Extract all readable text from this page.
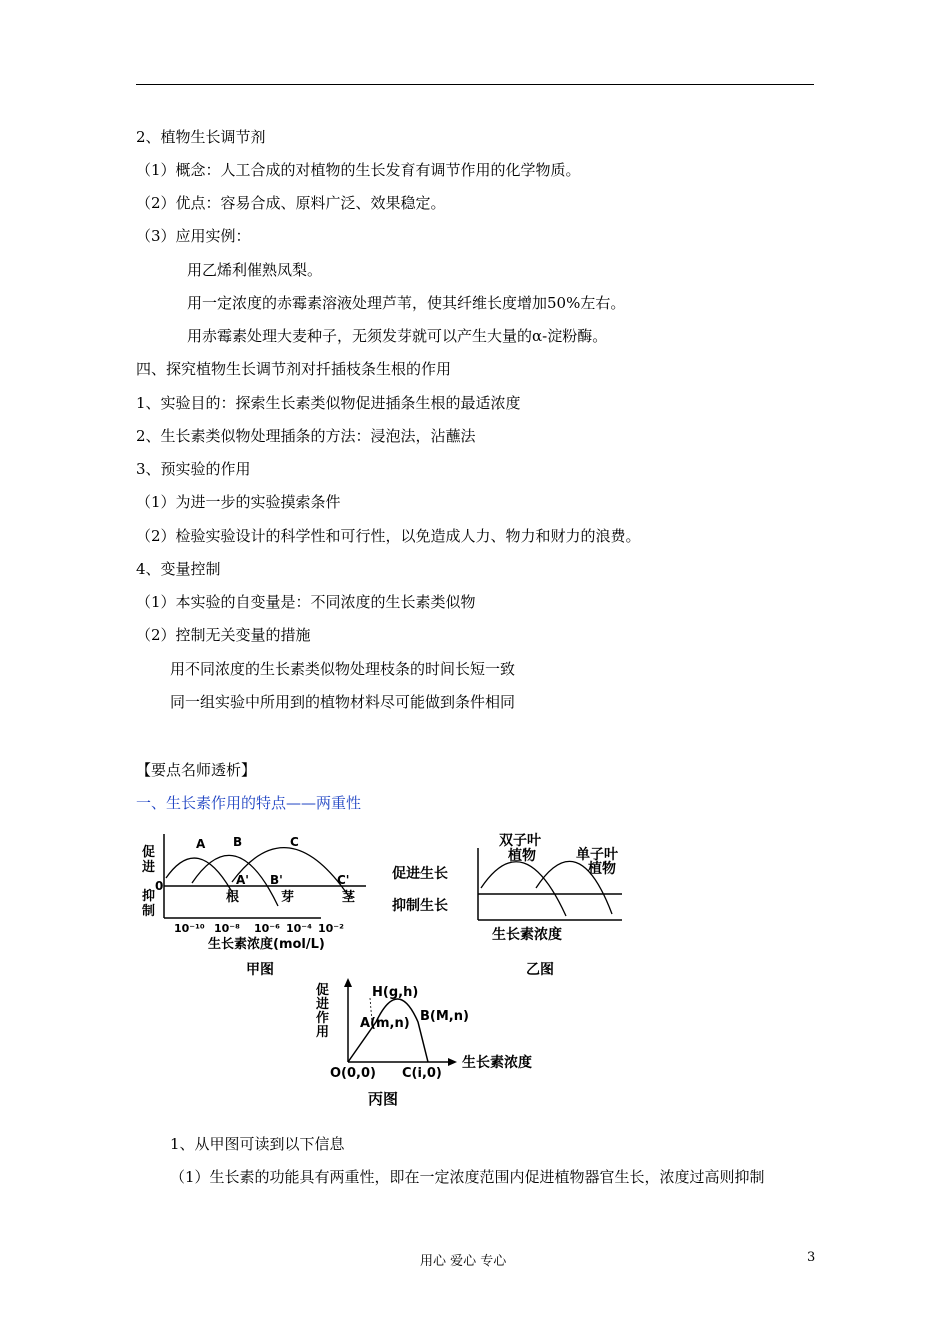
2、植物生长调节剂
（1）概念：人工合成的对植物的生长发育有调节作用的化学物质。
（2）优点：容易合成、原料广泛、效果稳定。
（3）应用实例：
用乙烯利催熟凤梨。
用一定浓度的赤霉素溶液处理芦苇，使其纤维长度增加50%左右。
用赤霉素处理大麦种子，无须发芽就可以产生大量的α-淀粉酶。
四、探究植物生长调节剂对扦插枝条生根的作用
1、实验目的：探索生长素类似物促进插条生根的最适浓度
2、生长素类似物处理插条的方法：浸泡法，沾蘸法
3、预实验的作用
（1）为进一步的实验摸索条件
（2）检验实验设计的科学性和可行性，以免造成人力、物力和财力的浪费。
4、变量控制
（1）本实验的自变量是：不同浓度的生长素类似物
（2）控制无关变量的措施
用不同浓度的生长素类似物处理枝条的时间长短一致
同一组实验中所用到的植物材料尽可能做到条件相同
【要点名师透析】
一、生长素作用的特点——两重性
促
进
抑
制
0
A B	C
A' B'	C'
根	芽	茎
10⁻¹⁰ 10⁻⁸ 10⁻⁶ 10⁻⁴ 10⁻²
生长素浓度(mol/L)
甲图
双子叶
植物	单子叶
植物
促进生长
抑制生长
生长素浓度
乙图
促
进
作
用
H(g,h)
A(m,n) B(M,n)
O(0,0) C(i,0)
生长素浓度
丙图
1、从甲图可读到以下信息
（1）生长素的功能具有两重性，即在一定浓度范围内促进植物器官生长，浓度过高则抑制
用心 爱心 专心	3
